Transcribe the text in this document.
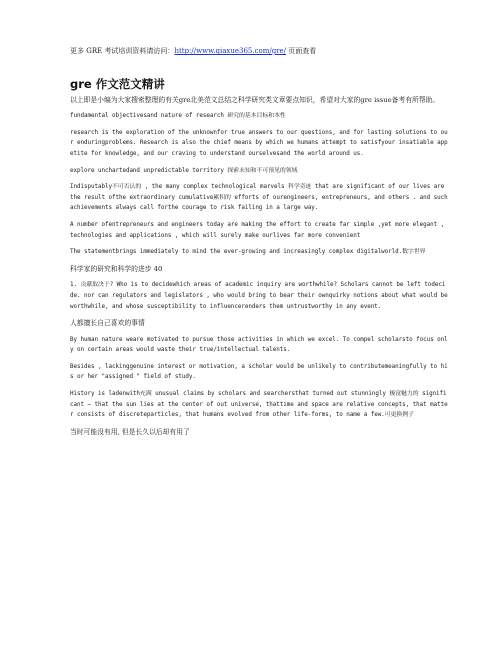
更多 GRE 考试培训资料请访问：http://www.qiaxue365.com/gre/ 页面查看
gre 作文范文精讲

以上即是小编为大家搜索整理的有关gre北美范文总结之科学研究类文章要点知识，希望对大家的gre issue备考有所帮助。

fundamental objectivesand nature of research 研究的基本目标和本性

research is the exploration of the unknownfor true answers to our questions, and for lasting solutions to our enduringproblems. Research is also the chief means by which we humans attempt to satisfyour insatiable appetite for knowledge, and our craving to understand ourselvesand the world around us.

explore unchartedand unpredictable territory 探索未知和不可预见的领域

Indisputably不可否认的 , the many complex technological marvels 科学奇迹 that are significant of our lives are the result ofthe extraordinary cumulative累积的 efforts of ourengineers, entrepreneurs, and others . and such achievements always call forthe courage to risk failing in a large way.

A number ofentrepreneurs and engineers today are making the effort to create far simple ,yet more elegant , technologies and applications , which will surely make ourlives far more convenient

The statementbrings immediately to mind the ever-growing and increasingly complex digitalworld.数字世界

科学家的研究和科学的进步 40

1. 贡献取决于? Who is to decidewhich areas of academic inquiry are worthwhile? Scholars cannot be left todecide. nor can regulators and legislators , who would bring to bear their ownquirky notions about what would be worthwhile, and whose susceptibility to influencerenders them untrustworthy in any event.

人都擅长自己喜欢的事情

By human nature weare motivated to pursue those activities in which we excel. To compel scholarsto focus only on certain areas would waste their true/intellectual talents.

Besides , lackinggenuine interest or motivation, a scholar would be unlikely to contributemeaningfully to his or her "assigned " field of study.

History is ladenwith充满 unusual claims by scholars and searchersthat turned out stunningly 极富魅力的 significant — that the sun lies at the center of out universe, thattime and space are relative concepts, that matter consists of discreteparticles, that humans evolved from other life-forms, to name a few.可更换例子

当时可能没有用, 但是长久以后却有用了
